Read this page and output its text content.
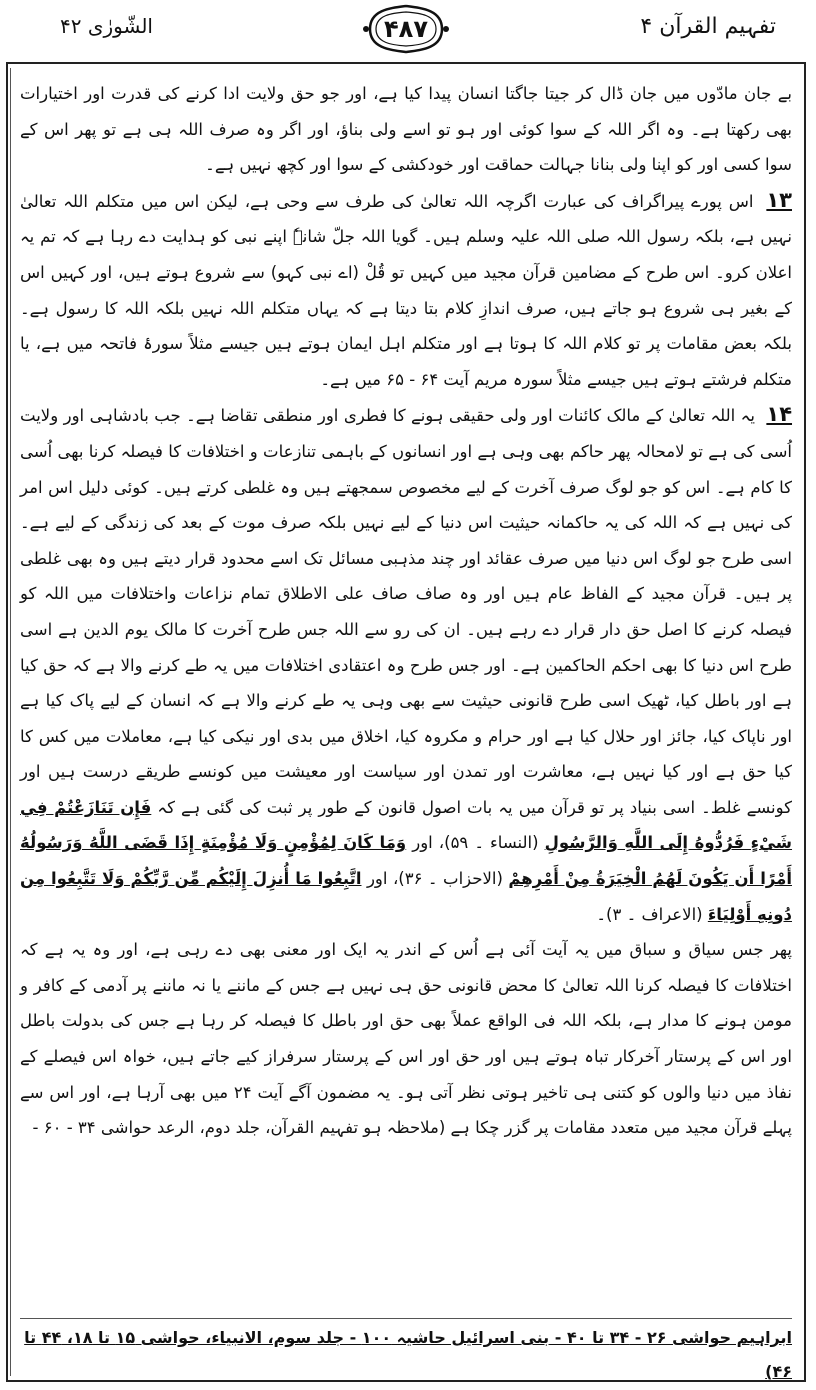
الشّورٰی ۴۲	۴۸۷	تفہیم القرآن ۴

بے جان مادّوں میں جان ڈال کر جیتا جاگتا انسان پیدا کیا ہے، اور جو حق ولایت ادا کرنے کی قدرت اور اختیارات بھی رکھتا ہے۔ وہ اگر اللہ کے سوا کوئی اور ہو تو اسے ولی بناؤ، اور اگر وہ صرف اللہ ہی ہے تو پھر اس کے سوا کسی اور کو اپنا ولی بنانا جہالت حماقت اور خودکشی کے سوا اور کچھ نہیں ہے۔

۱۳ اس پورے پیراگراف کی عبارت اگرچہ اللہ تعالیٰ کی طرف سے وحی ہے، لیکن اس میں متکلم اللہ تعالیٰ نہیں ہے، بلکہ رسول اللہ صلی اللہ علیہ وسلم ہیں۔ گویا اللہ جلّ شانہٗ اپنے نبی کو ہدایت دے رہا ہے کہ تم یہ اعلان کرو۔ اس طرح کے مضامین قرآن مجید میں کہیں تو قُلْ (اے نبی کہو) سے شروع ہوتے ہیں، اور کہیں اس کے بغیر ہی شروع ہو جاتے ہیں، صرف اندازِ کلام بتا دیتا ہے کہ یہاں متکلم اللہ نہیں بلکہ اللہ کا رسول ہے۔ بلکہ بعض مقامات پر تو کلام اللہ کا ہوتا ہے اور متکلم اہل ایمان ہوتے ہیں جیسے مثلاً سورۂ فاتحہ میں ہے، یا متکلم فرشتے ہوتے ہیں جیسے مثلاً سورہ مریم آیت ۶۴ - ۶۵ میں ہے۔

۱۴ یہ اللہ تعالیٰ کے مالک کائنات اور ولی حقیقی ہونے کا فطری اور منطقی تقاضا ہے۔ جب بادشاہی اور ولایت اُسی کی ہے تو لامحالہ پھر حاکم بھی وہی ہے اور انسانوں کے باہمی تنازعات و اختلافات کا فیصلہ کرنا بھی اُسی کا کام ہے۔ اس کو جو لوگ صرف آخرت کے لیے مخصوص سمجھتے ہیں وہ غلطی کرتے ہیں۔ کوئی دلیل اس امر کی نہیں ہے کہ اللہ کی یہ حاکمانہ حیثیت اس دنیا کے لیے نہیں بلکہ صرف موت کے بعد کی زندگی کے لیے ہے۔ اسی طرح جو لوگ اس دنیا میں صرف عقائد اور چند مذہبی مسائل تک اسے محدود قرار دیتے ہیں وہ بھی غلطی پر ہیں۔ قرآن مجید کے الفاظ عام ہیں اور وہ صاف صاف علی الاطلاق تمام نزاعات واختلافات میں اللہ کو فیصلہ کرنے کا اصل حق دار قرار دے رہے ہیں۔ ان کی رو سے اللہ جس طرح آخرت کا مالک یوم الدین ہے اسی طرح اس دنیا کا بھی احکم الحاکمین ہے۔ اور جس طرح وہ اعتقادی اختلافات میں یہ طے کرنے والا ہے کہ حق کیا ہے اور باطل کیا، ٹھیک اسی طرح قانونی حیثیت سے بھی وہی یہ طے کرنے والا ہے کہ انسان کے لیے پاک کیا ہے اور ناپاک کیا، جائز اور حلال کیا ہے اور حرام و مکروہ کیا، اخلاق میں بدی اور نیکی کیا ہے، معاملات میں کس کا کیا حق ہے اور کیا نہیں ہے، معاشرت اور تمدن اور سیاست اور معیشت میں کونسے طریقے درست ہیں اور کونسے غلط۔ اسی بنیاد پر تو قرآن میں یہ بات اصول قانون کے طور پر ثبت کی گئی ہے کہ فَإِن تَنَازَعْتُمْ فِي شَيْءٍ فَرُدُّوهُ إِلَى اللَّهِ وَالرَّسُولِ (النساء ۔ ۵۹)، اور وَمَا كَانَ لِمُؤْمِنٍ وَلَا مُؤْمِنَةٍ إِذَا قَضَى اللَّهُ وَرَسُولُهُ أَمْرًا أَن يَكُونَ لَهُمُ الْخِيَرَةُ مِنْ أَمْرِهِمْ (الاحزاب ۔ ۳۶)، اور اتَّبِعُوا مَا أُنزِلَ إِلَيْكُم مِّن رَّبِّكُمْ وَلَا تَتَّبِعُوا مِن دُونِهِ أَوْلِيَاءَ (الاعراف ۔ ۳)۔

پھر جس سیاق و سباق میں یہ آیت آئی ہے اُس کے اندر یہ ایک اور معنی بھی دے رہی ہے، اور وہ یہ ہے کہ اختلافات کا فیصلہ کرنا اللہ تعالیٰ کا محض قانونی حق ہی نہیں ہے جس کے ماننے یا نہ ماننے پر آدمی کے کافر و مومن ہونے کا مدار ہے، بلکہ اللہ فی الواقع عملاً بھی حق اور باطل کا فیصلہ کر رہا ہے جس کی بدولت باطل اور اس کے پرستار آخرکار تباہ ہوتے ہیں اور حق اور اس کے پرستار سرفراز کیے جاتے ہیں، خواہ اس فیصلے کے نفاذ میں دنیا والوں کو کتنی ہی تاخیر ہوتی نظر آتی ہو۔ یہ مضمون آگے آیت ۲۴ میں بھی آرہا ہے، اور اس سے پہلے قرآن مجید میں متعدد مقامات پر گزر چکا ہے (ملاحظہ ہو تفہیم القرآن، جلد دوم، الرعد حواشی ۳۴ - ۶۰ -

ابراہیم حواشی ۲۶ - ۳۴ تا ۴۰ - بنی اسرائیل حاشیہ ۱۰۰ - جلد سوم، الانبیاء، حواشی ۱۵ تا ۱۸، ۴۴ تا ۴۶)
